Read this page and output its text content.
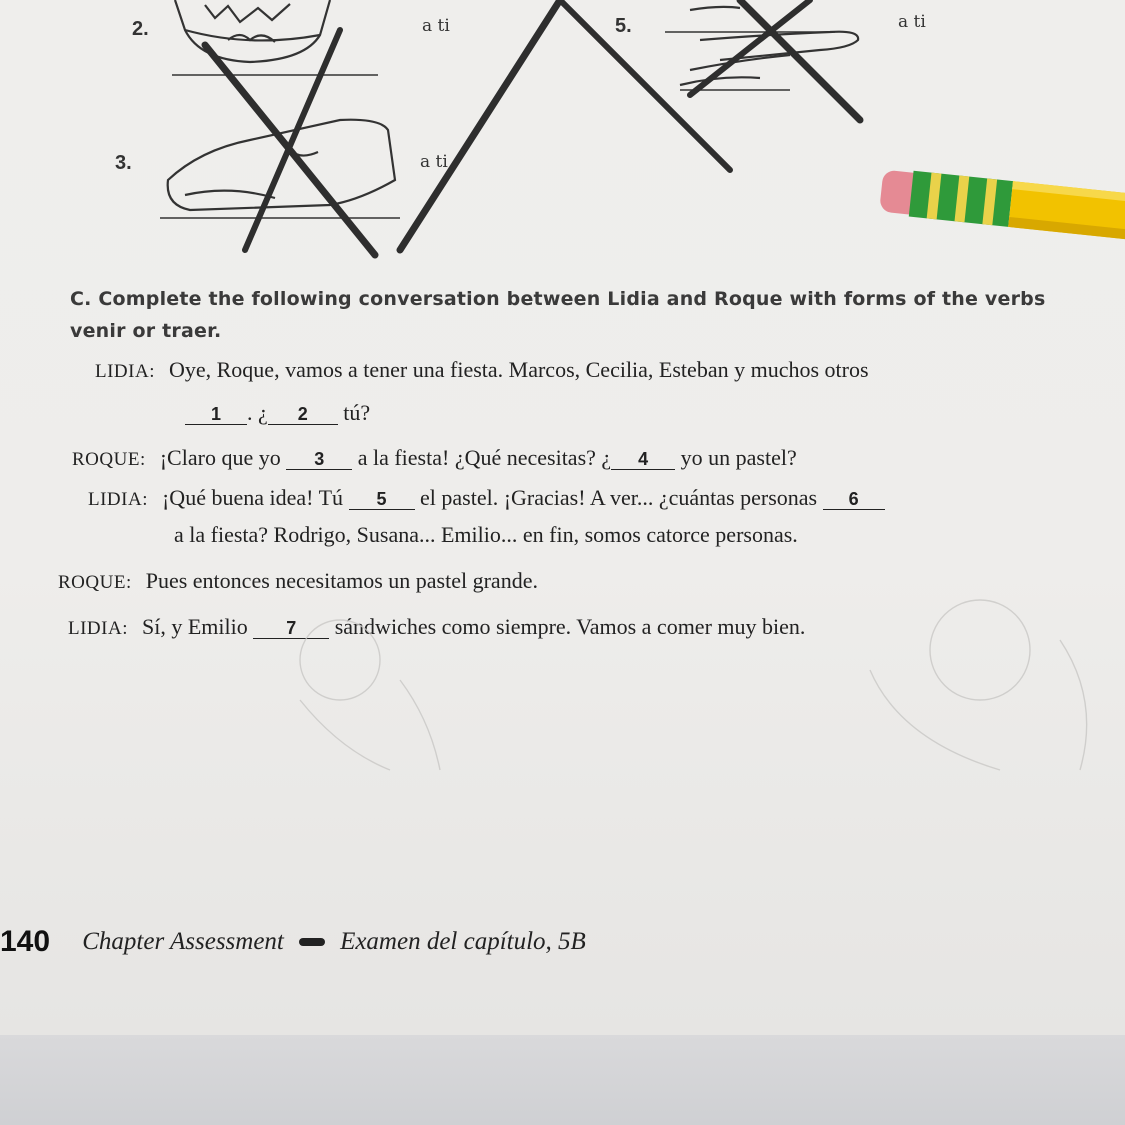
2.	a ti
3.	a ti
5.	a ti
C. Complete the following conversation between Lidia and Roque with forms of the verbs venir or traer.
LIDIA: Oye, Roque, vamos a tener una fiesta. Marcos, Cecilia, Esteban y muchos otros
1 . ¿ 2 tú?
ROQUE: ¡Claro que yo 3 a la fiesta! ¿Qué necesitas? ¿ 4 yo un pastel?
LIDIA: ¡Qué buena idea! Tú 5 el pastel. ¡Gracias! A ver... ¿cuántas personas 6
a la fiesta? Rodrigo, Susana... Emilio... en fin, somos catorce personas.
ROQUE: Pues entonces necesitamos un pastel grande.
LIDIA: Sí, y Emilio 7 sándwiches como siempre. Vamos a comer muy bien.
140 Chapter Assessment Examen del capítulo, 5B
